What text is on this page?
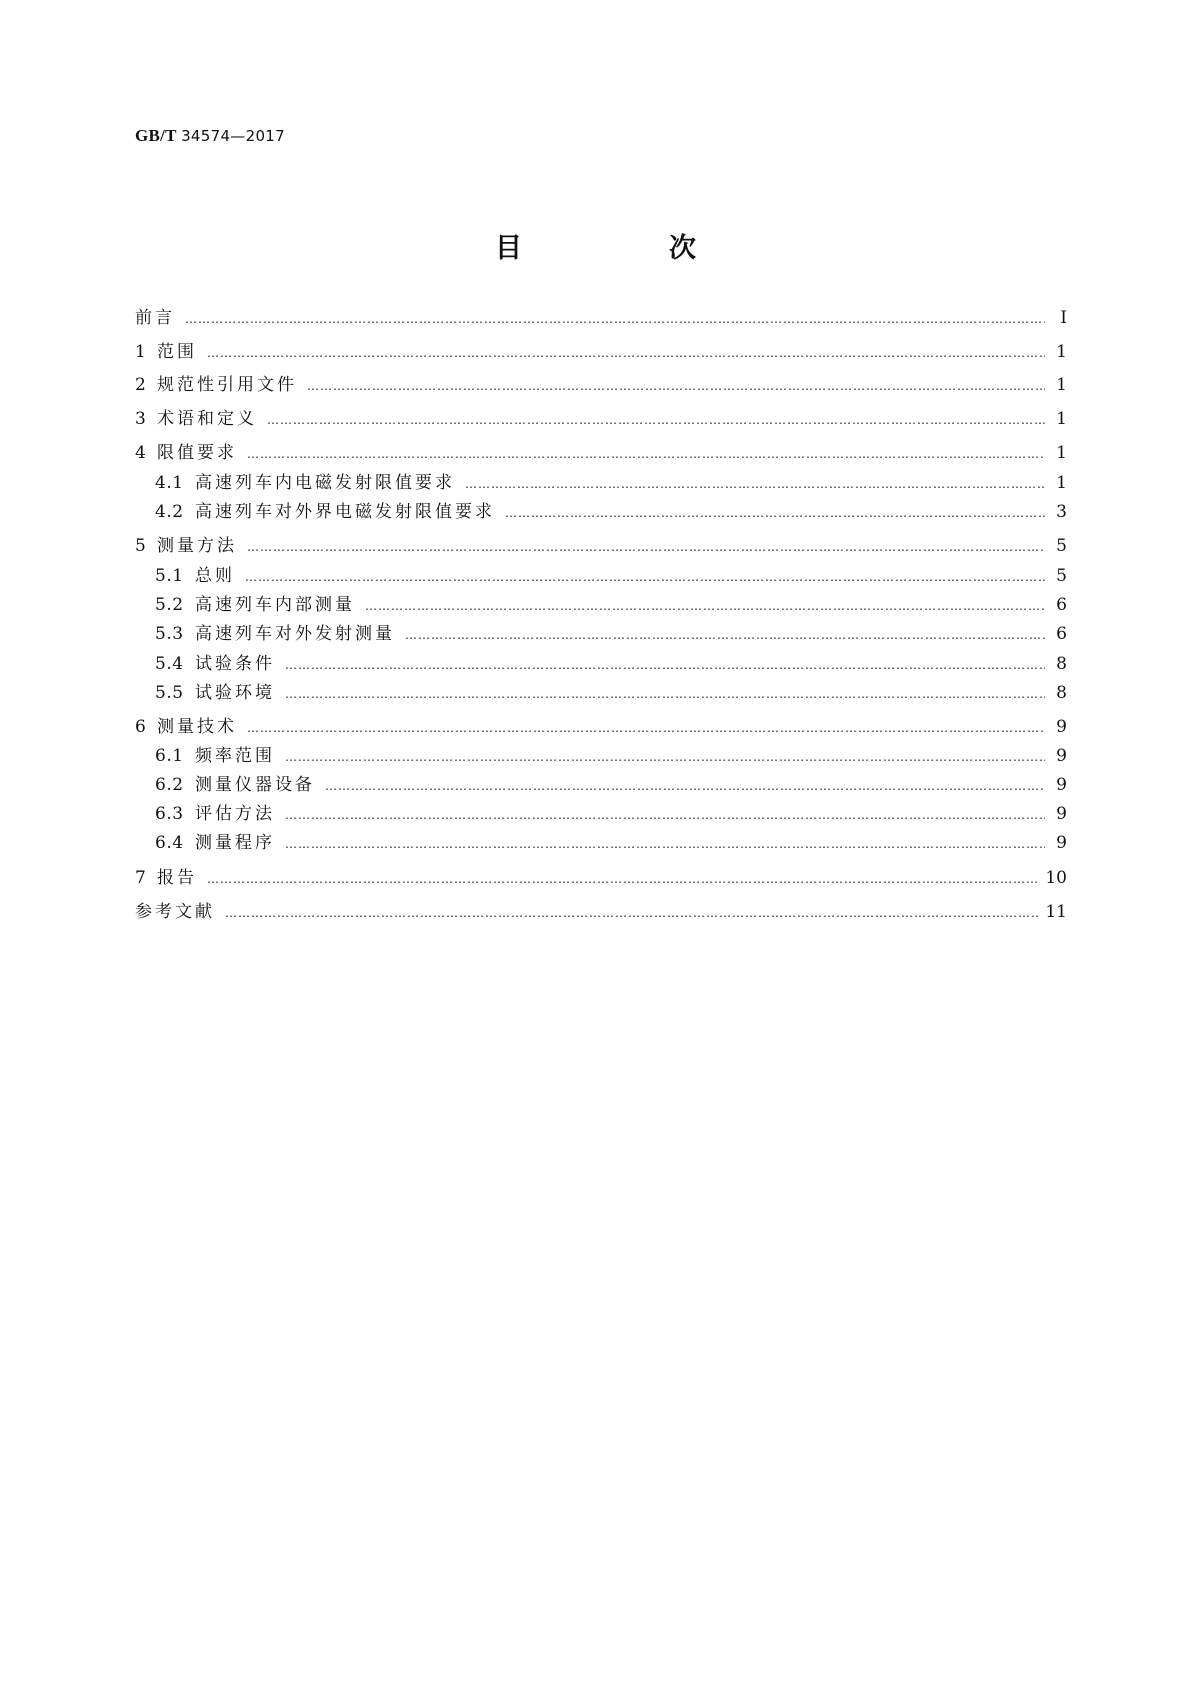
GB/T 34574—2017
目　次
前言 …………………………………………………………………………………………………………………………………………………………………………………………………………………………	Ⅰ
1 范围 …………………………………………………………………………………………………………………………………………………………………………………………………………………………	1
2 规范性引用文件 …………………………………………………………………………………………………………………………………………………………………………………………………………………………	1
3 术语和定义 …………………………………………………………………………………………………………………………………………………………………………………………………………………………	1
4 限值要求 …………………………………………………………………………………………………………………………………………………………………………………………………………………………	1
4.1 高速列车内电磁发射限值要求 …………………………………………………………………………………………………………………………………………………………………………………………………………………………	1
4.2 高速列车对外界电磁发射限值要求 …………………………………………………………………………………………………………………………………………………………………………………………………………………………	3
5 测量方法 …………………………………………………………………………………………………………………………………………………………………………………………………………………………	5
5.1 总则 …………………………………………………………………………………………………………………………………………………………………………………………………………………………	5
5.2 高速列车内部测量 …………………………………………………………………………………………………………………………………………………………………………………………………………………………	6
5.3 高速列车对外发射测量 …………………………………………………………………………………………………………………………………………………………………………………………………………………………	6
5.4 试验条件 …………………………………………………………………………………………………………………………………………………………………………………………………………………………	8
5.5 试验环境 …………………………………………………………………………………………………………………………………………………………………………………………………………………………	8
6 测量技术 …………………………………………………………………………………………………………………………………………………………………………………………………………………………	9
6.1 频率范围 …………………………………………………………………………………………………………………………………………………………………………………………………………………………	9
6.2 测量仪器设备 …………………………………………………………………………………………………………………………………………………………………………………………………………………………	9
6.3 评估方法 …………………………………………………………………………………………………………………………………………………………………………………………………………………………	9
6.4 测量程序 …………………………………………………………………………………………………………………………………………………………………………………………………………………………	9
7 报告 …………………………………………………………………………………………………………………………………………………………………………………………………………………………	10
参考文献 …………………………………………………………………………………………………………………………………………………………………………………………………………………………	11
